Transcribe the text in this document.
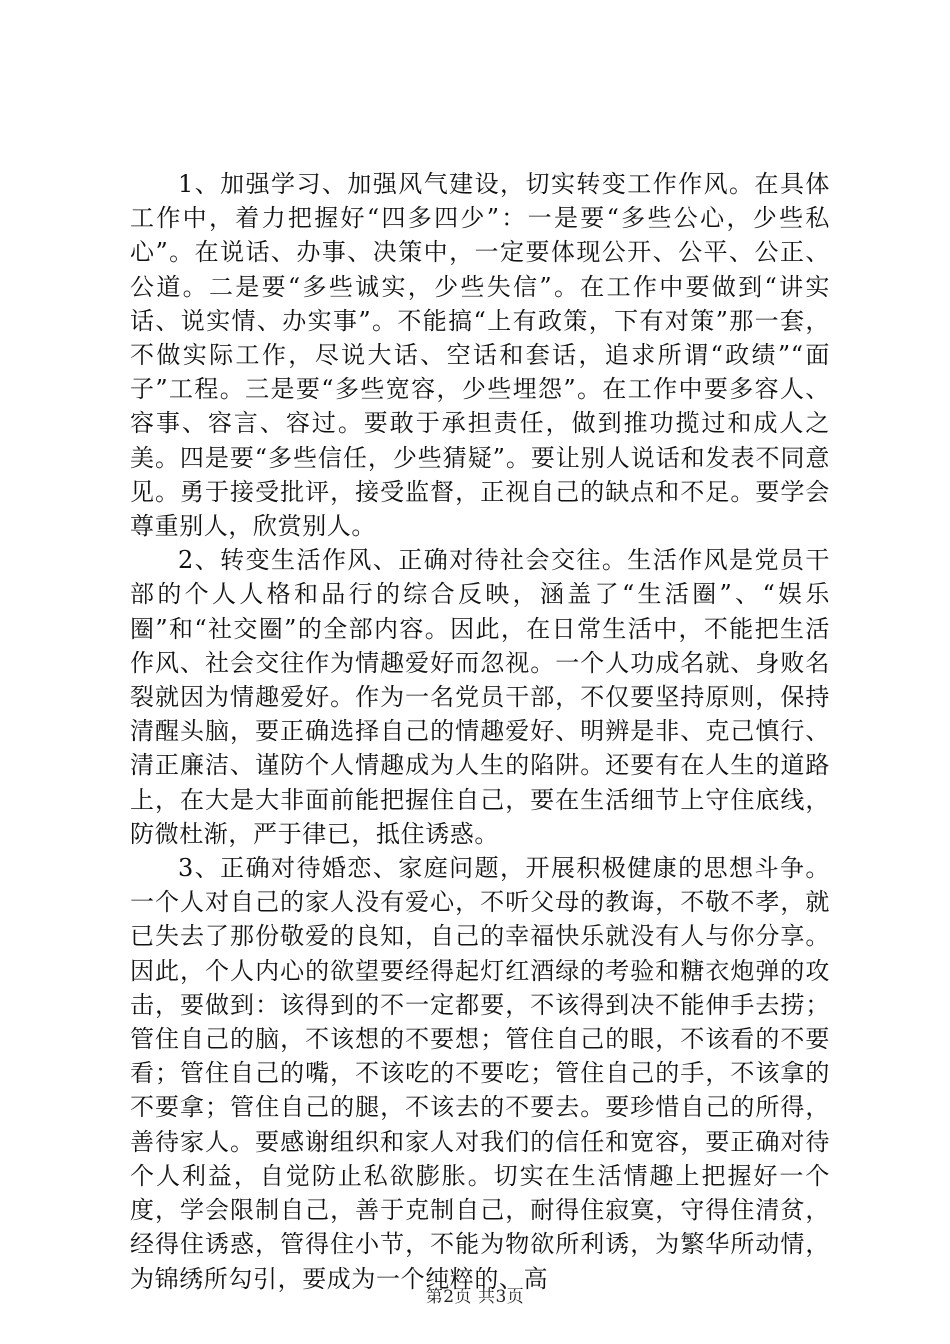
1、加强学习、加强风气建设，切实转变工作作风。在具体工作中，着力把握好“四多四少”：一是要“多些公心，少些私心”。在说话、办事、决策中，一定要体现公开、公平、公正、公道。二是要“多些诚实，少些失信”。在工作中要做到“讲实话、说实情、办实事”。不能搞“上有政策，下有对策”那一套，不做实际工作，尽说大话、空话和套话，追求所谓“政绩”“面子”工程。三是要“多些宽容，少些埋怨”。在工作中要多容人、容事、容言、容过。要敢于承担责任，做到推功揽过和成人之美。四是要“多些信任，少些猜疑”。要让别人说话和发表不同意见。勇于接受批评，接受监督，正视自己的缺点和不足。要学会尊重别人，欣赏别人。

2、转变生活作风、正确对待社会交往。生活作风是党员干部的个人人格和品行的综合反映，涵盖了“生活圈”、“娱乐圈”和“社交圈”的全部内容。因此，在日常生活中，不能把生活作风、社会交往作为情趣爱好而忽视。一个人功成名就、身败名裂就因为情趣爱好。作为一名党员干部，不仅要坚持原则，保持清醒头脑，要正确选择自己的情趣爱好、明辨是非、克己慎行、清正廉洁、谨防个人情趣成为人生的陷阱。还要有在人生的道路上，在大是大非面前能把握住自己，要在生活细节上守住底线，防微杜渐，严于律已，抵住诱惑。

3、正确对待婚恋、家庭问题，开展积极健康的思想斗争。一个人对自己的家人没有爱心，不听父母的教诲，不敬不孝，就已失去了那份敬爱的良知，自己的幸福快乐就没有人与你分享。因此，个人内心的欲望要经得起灯红酒绿的考验和糖衣炮弹的攻击，要做到：该得到的不一定都要，不该得到决不能伸手去捞；管住自己的脑，不该想的不要想；管住自己的眼，不该看的不要看；管住自己的嘴，不该吃的不要吃；管住自己的手，不该拿的不要拿；管住自己的腿，不该去的不要去。要珍惜自己的所得，善待家人。要感谢组织和家人对我们的信任和宽容，要正确对待个人利益，自觉防止私欲膨胀。切实在生活情趣上把握好一个度，学会限制自己，善于克制自己，耐得住寂寞，守得住清贫，经得住诱惑，管得住小节，不能为物欲所利诱，为繁华所动情，为锦绣所勾引，要成为一个纯粹的、高

第2页 共3页
